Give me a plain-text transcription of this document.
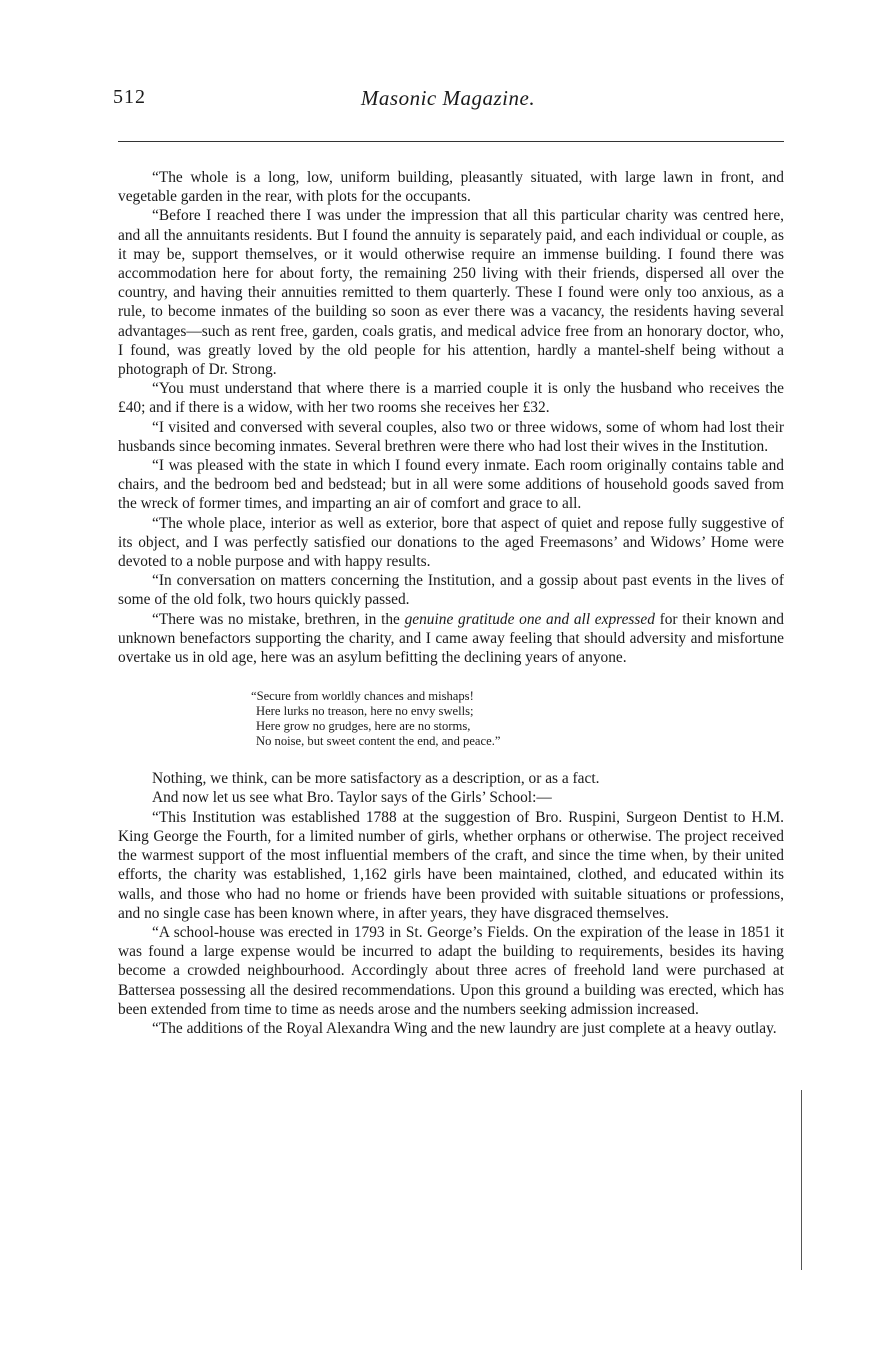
512	Masonic Magazine.

“The whole is a long, low, uniform building, pleasantly situated, with large lawn in front, and vegetable garden in the rear, with plots for the occupants.

“Before I reached there I was under the impression that all this particular charity was centred here, and all the annuitants residents. But I found the annuity is separately paid, and each individual or couple, as it may be, support themselves, or it would otherwise require an immense building. I found there was accommodation here for about forty, the remaining 250 living with their friends, dispersed all over the country, and having their annuities remitted to them quarterly. These I found were only too anxious, as a rule, to become inmates of the building so soon as ever there was a vacancy, the residents having several advantages—such as rent free, garden, coals gratis, and medical advice free from an honorary doctor, who, I found, was greatly loved by the old people for his attention, hardly a mantel-shelf being without a photograph of Dr. Strong.

“You must understand that where there is a married couple it is only the husband who receives the £40; and if there is a widow, with her two rooms she receives her £32.

“I visited and conversed with several couples, also two or three widows, some of whom had lost their husbands since becoming inmates. Several brethren were there who had lost their wives in the Institution.

“I was pleased with the state in which I found every inmate. Each room originally contains table and chairs, and the bedroom bed and bedstead; but in all were some additions of household goods saved from the wreck of former times, and imparting an air of comfort and grace to all.

“The whole place, interior as well as exterior, bore that aspect of quiet and repose fully suggestive of its object, and I was perfectly satisfied our donations to the aged Freemasons’ and Widows’ Home were devoted to a noble purpose and with happy results.

“In conversation on matters concerning the Institution, and a gossip about past events in the lives of some of the old folk, two hours quickly passed.

“There was no mistake, brethren, in the genuine gratitude one and all expressed for their known and unknown benefactors supporting the charity, and I came away feeling that should adversity and misfortune overtake us in old age, here was an asylum befitting the declining years of anyone.

“Secure from worldly chances and mishaps!
Here lurks no treason, here no envy swells;
Here grow no grudges, here are no storms,
No noise, but sweet content the end, and peace.”

Nothing, we think, can be more satisfactory as a description, or as a fact.

And now let us see what Bro. Taylor says of the Girls’ School:—

“This Institution was established 1788 at the suggestion of Bro. Ruspini, Surgeon Dentist to H.M. King George the Fourth, for a limited number of girls, whether orphans or otherwise. The project received the warmest support of the most influential members of the craft, and since the time when, by their united efforts, the charity was established, 1,162 girls have been maintained, clothed, and educated within its walls, and those who had no home or friends have been provided with suitable situations or professions, and no single case has been known where, in after years, they have disgraced themselves.

“A school-house was erected in 1793 in St. George’s Fields. On the expiration of the lease in 1851 it was found a large expense would be incurred to adapt the building to requirements, besides its having become a crowded neighbourhood. Accordingly about three acres of freehold land were purchased at Battersea possessing all the desired recommendations. Upon this ground a building was erected, which has been extended from time to time as needs arose and the numbers seeking admission increased.

“The additions of the Royal Alexandra Wing and the new laundry are just complete at a heavy outlay.
